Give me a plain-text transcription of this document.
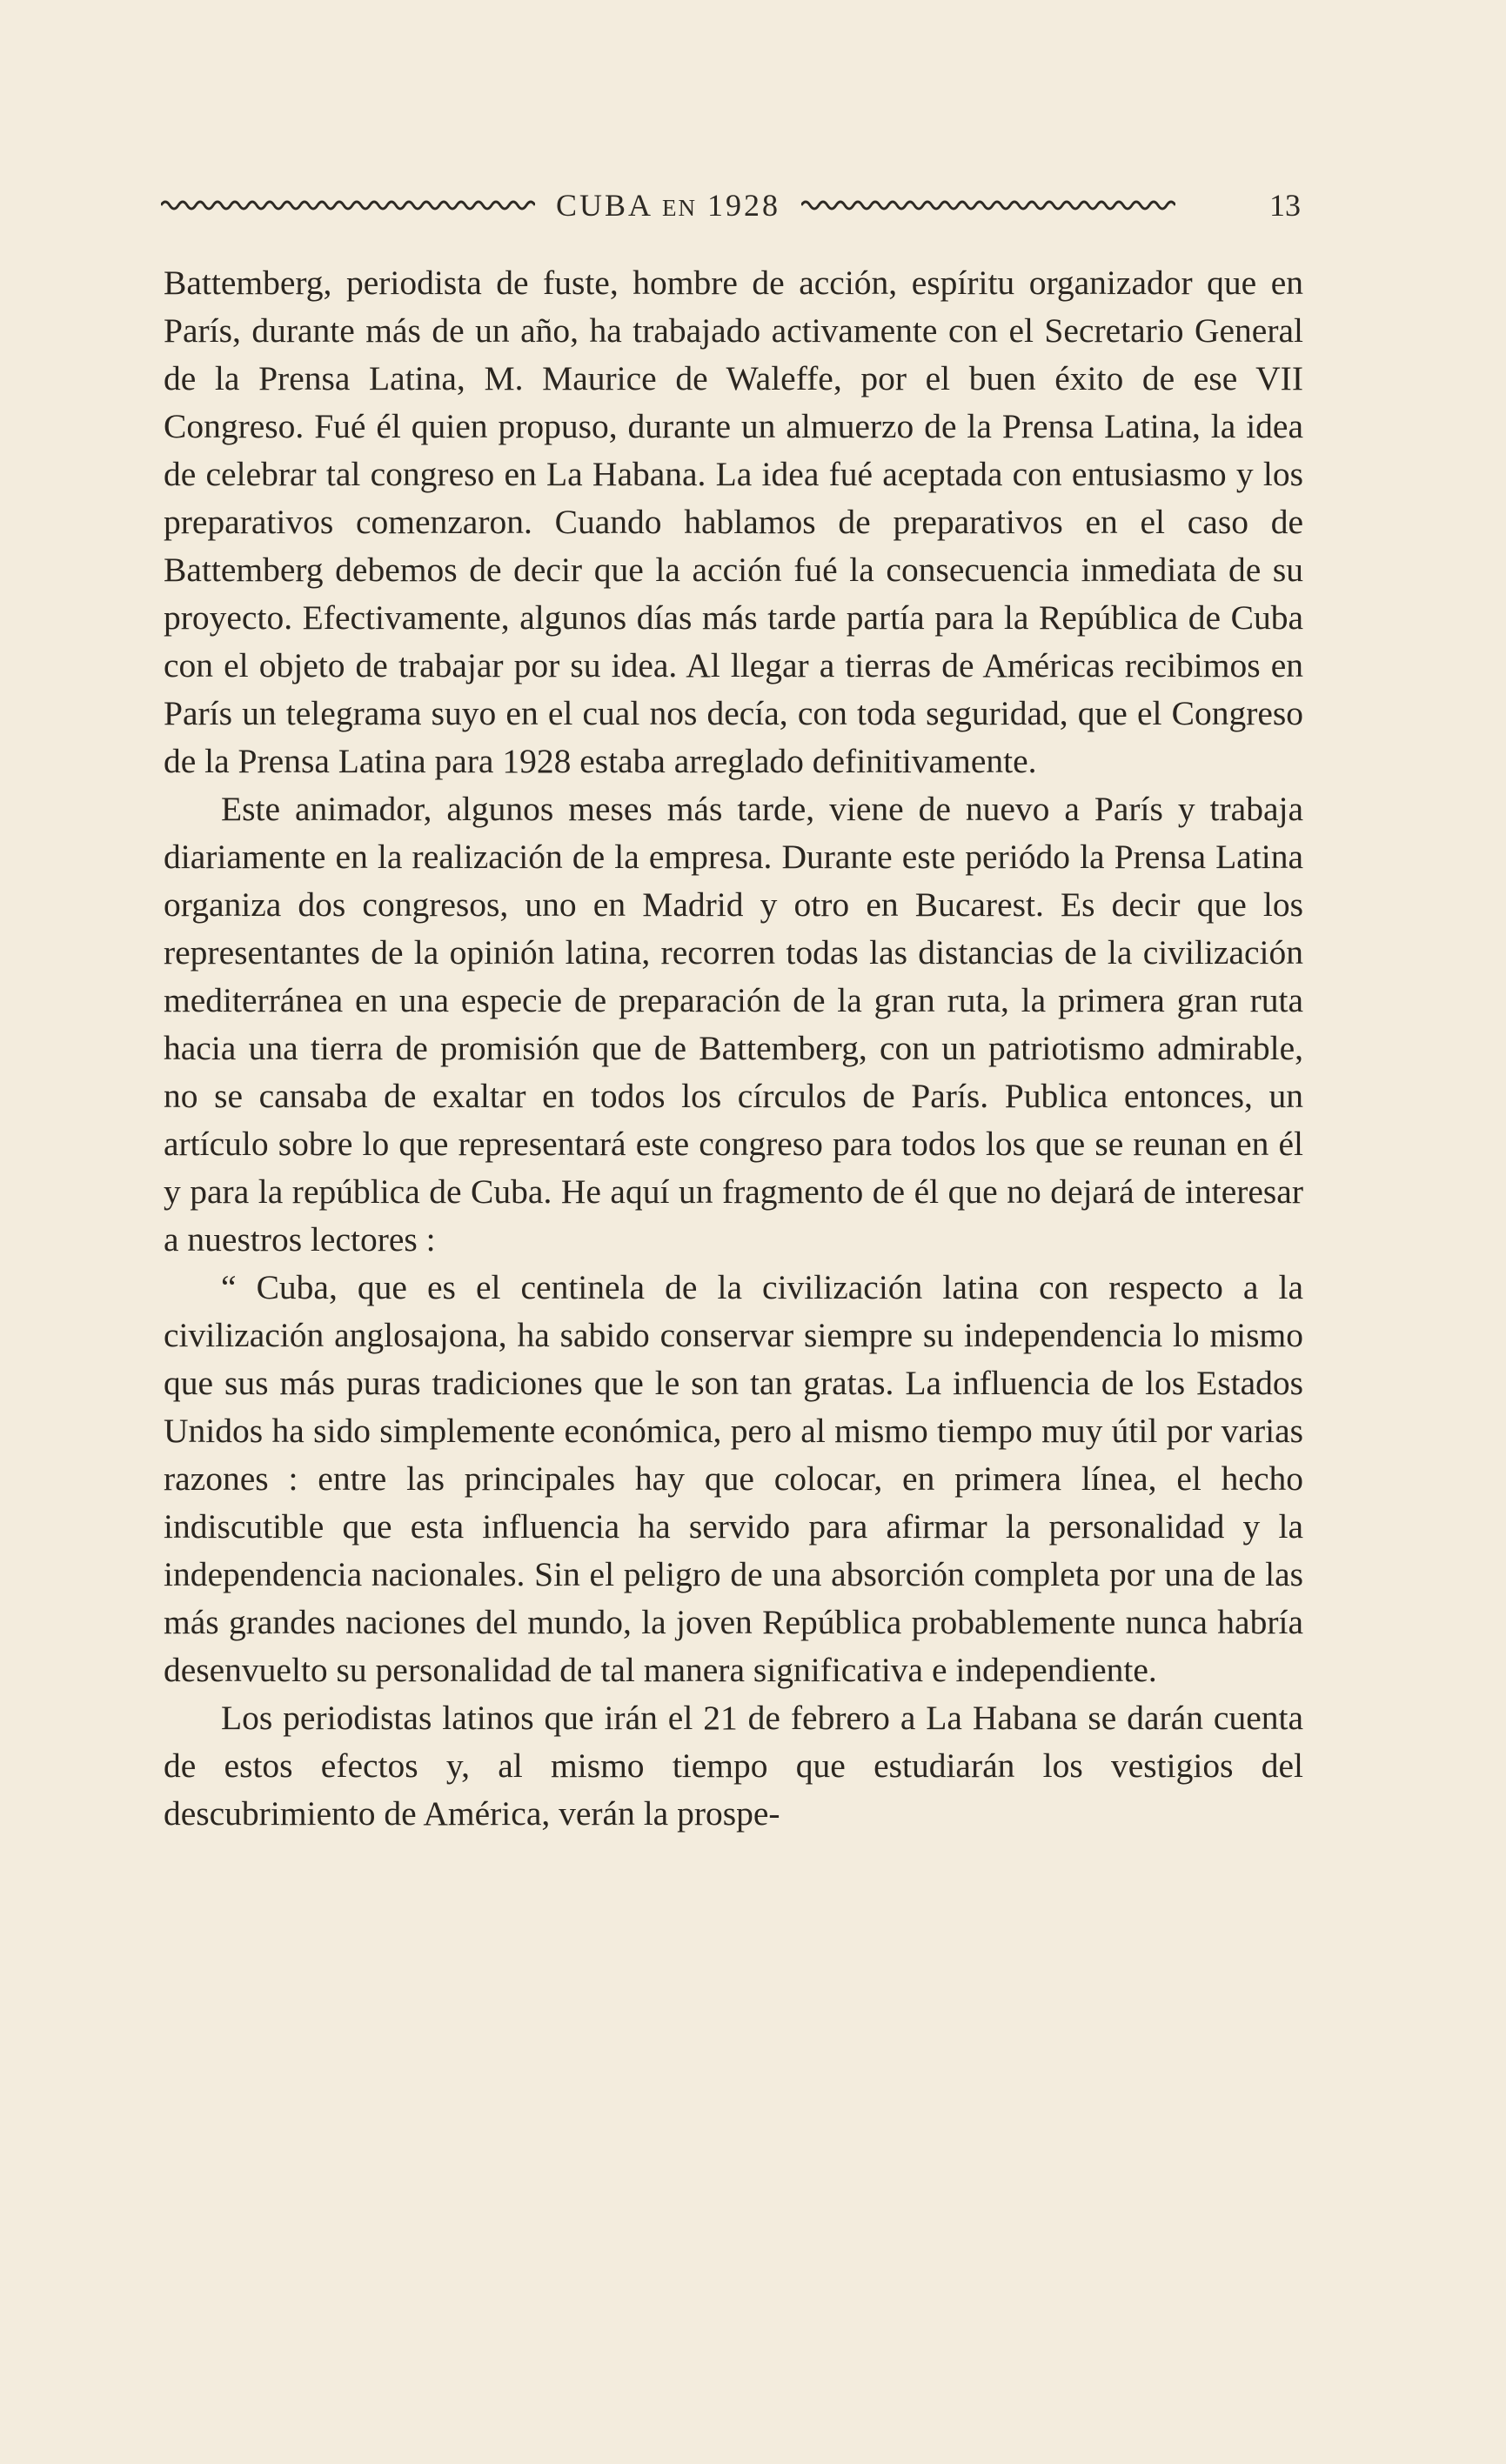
CUBA EN 1928	13

Battemberg, periodista de fuste, hombre de acción, espíritu organizador que en París, durante más de un año, ha trabajado activamente con el Secretario General de la Prensa Latina, M. Maurice de Waleffe, por el buen éxito de ese VII Congreso. Fué él quien propuso, durante un almuerzo de la Prensa Latina, la idea de celebrar tal congreso en La Habana. La idea fué aceptada con entusiasmo y los preparativos comenzaron. Cuando hablamos de preparativos en el caso de Battemberg debemos de decir que la acción fué la consecuencia inmediata de su proyecto. Efectivamente, algunos días más tarde partía para la República de Cuba con el objeto de trabajar por su idea. Al llegar a tierras de Américas recibimos en París un telegrama suyo en el cual nos decía, con toda seguridad, que el Congreso de la Prensa Latina para 1928 estaba arreglado definitivamente.

Este animador, algunos meses más tarde, viene de nuevo a París y trabaja diariamente en la realización de la empresa. Durante este periódo la Prensa Latina organiza dos congresos, uno en Madrid y otro en Bucarest. Es decir que los representantes de la opinión latina, recorren todas las distancias de la civilización mediterránea en una especie de preparación de la gran ruta, la primera gran ruta hacia una tierra de promisión que de Battemberg, con un patriotismo admirable, no se cansaba de exaltar en todos los círculos de París. Publica entonces, un artículo sobre lo que representará este congreso para todos los que se reunan en él y para la república de Cuba. He aquí un fragmento de él que no dejará de interesar a nuestros lectores :

“ Cuba, que es el centinela de la civilización latina con respecto a la civilización anglosajona, ha sabido conservar siempre su independencia lo mismo que sus más puras tradiciones que le son tan gratas. La influencia de los Estados Unidos ha sido simplemente económica, pero al mismo tiempo muy útil por varias razones : entre las principales hay que colocar, en primera línea, el hecho indiscutible que esta influencia ha servido para afirmar la personalidad y la independencia nacionales. Sin el peligro de una absorción completa por una de las más grandes naciones del mundo, la joven República probablemente nunca habría desenvuelto su personalidad de tal manera significativa e independiente.

Los periodistas latinos que irán el 21 de febrero a La Habana se darán cuenta de estos efectos y, al mismo tiempo que estudiarán los vestigios del descubrimiento de América, verán la prospe-
